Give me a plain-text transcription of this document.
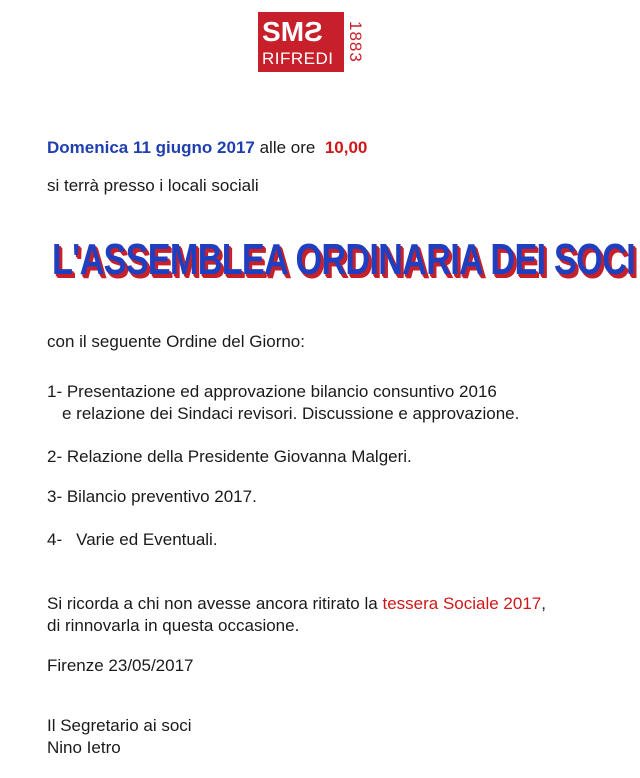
SMS
RIFREDI 1883
Domenica 11 giugno 2017 alle ore 10,00
si terrà presso i locali sociali
L'ASSEMBLEA ORDINARIA DEI SOCI
con il seguente Ordine del Giorno:
1- Presentazione ed approvazione bilancio consuntivo 2016
e relazione dei Sindaci revisori. Discussione e approvazione.
2- Relazione della Presidente Giovanna Malgeri.
3- Bilancio preventivo 2017.
4- Varie ed Eventuali.
Si ricorda a chi non avesse ancora ritirato la tessera Sociale 2017,
di rinnovarla in questa occasione.
Firenze 23/05/2017
Il Segretario ai soci
Nino Ietro
